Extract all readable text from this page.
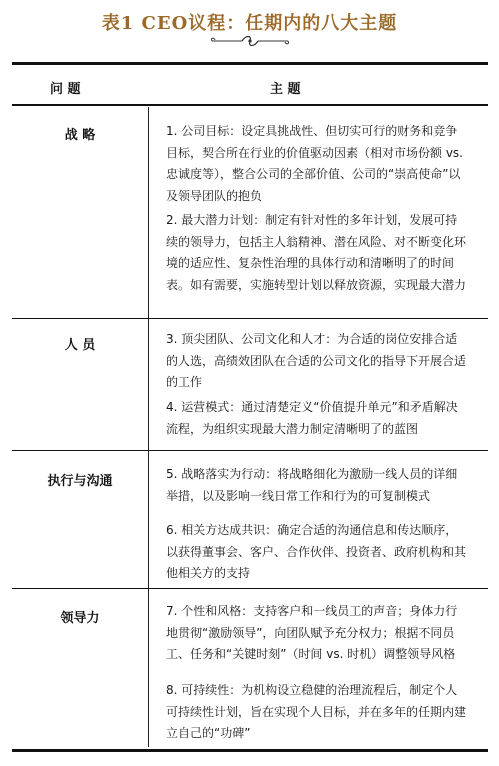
表1 CEO议程：任期内的八大主题
问 题	主 题
战 略	1. 公司目标：设定具挑战性、但切实可行的财务和竞争目标，契合所在行业的价值驱动因素（相对市场份额 vs. 忠诚度等），整合公司的全部价值、公司的“崇高使命”以及领导团队的抱负
2. 最大潜力计划：制定有针对性的多年计划，发展可持续的领导力，包括主人翁精神、潜在风险、对不断变化环境的适应性、复杂性治理的具体行动和清晰明了的时间表。如有需要，实施转型计划以释放资源，实现最大潜力
人 员	3. 顶尖团队、公司文化和人才：为合适的岗位安排合适的人选，高绩效团队在合适的公司文化的指导下开展合适的工作
4. 运营模式：通过清楚定义“价值提升单元”和矛盾解决流程，为组织实现最大潜力制定清晰明了的蓝图
执行与沟通	5. 战略落实为行动：将战略细化为激励一线人员的详细举措，以及影响一线日常工作和行为的可复制模式
6. 相关方达成共识：确定合适的沟通信息和传达顺序，以获得董事会、客户、合作伙伴、投资者、政府机构和其他相关方的支持
领导力	7. 个性和风格：支持客户和一线员工的声音；身体力行地贯彻“激励领导”，向团队赋予充分权力；根据不同员工、任务和“关键时刻”（时间 vs. 时机）调整领导风格
8. 可持续性：为机构设立稳健的治理流程后，制定个人可持续性计划，旨在实现个人目标，并在多年的任期内建立自己的“功碑”
